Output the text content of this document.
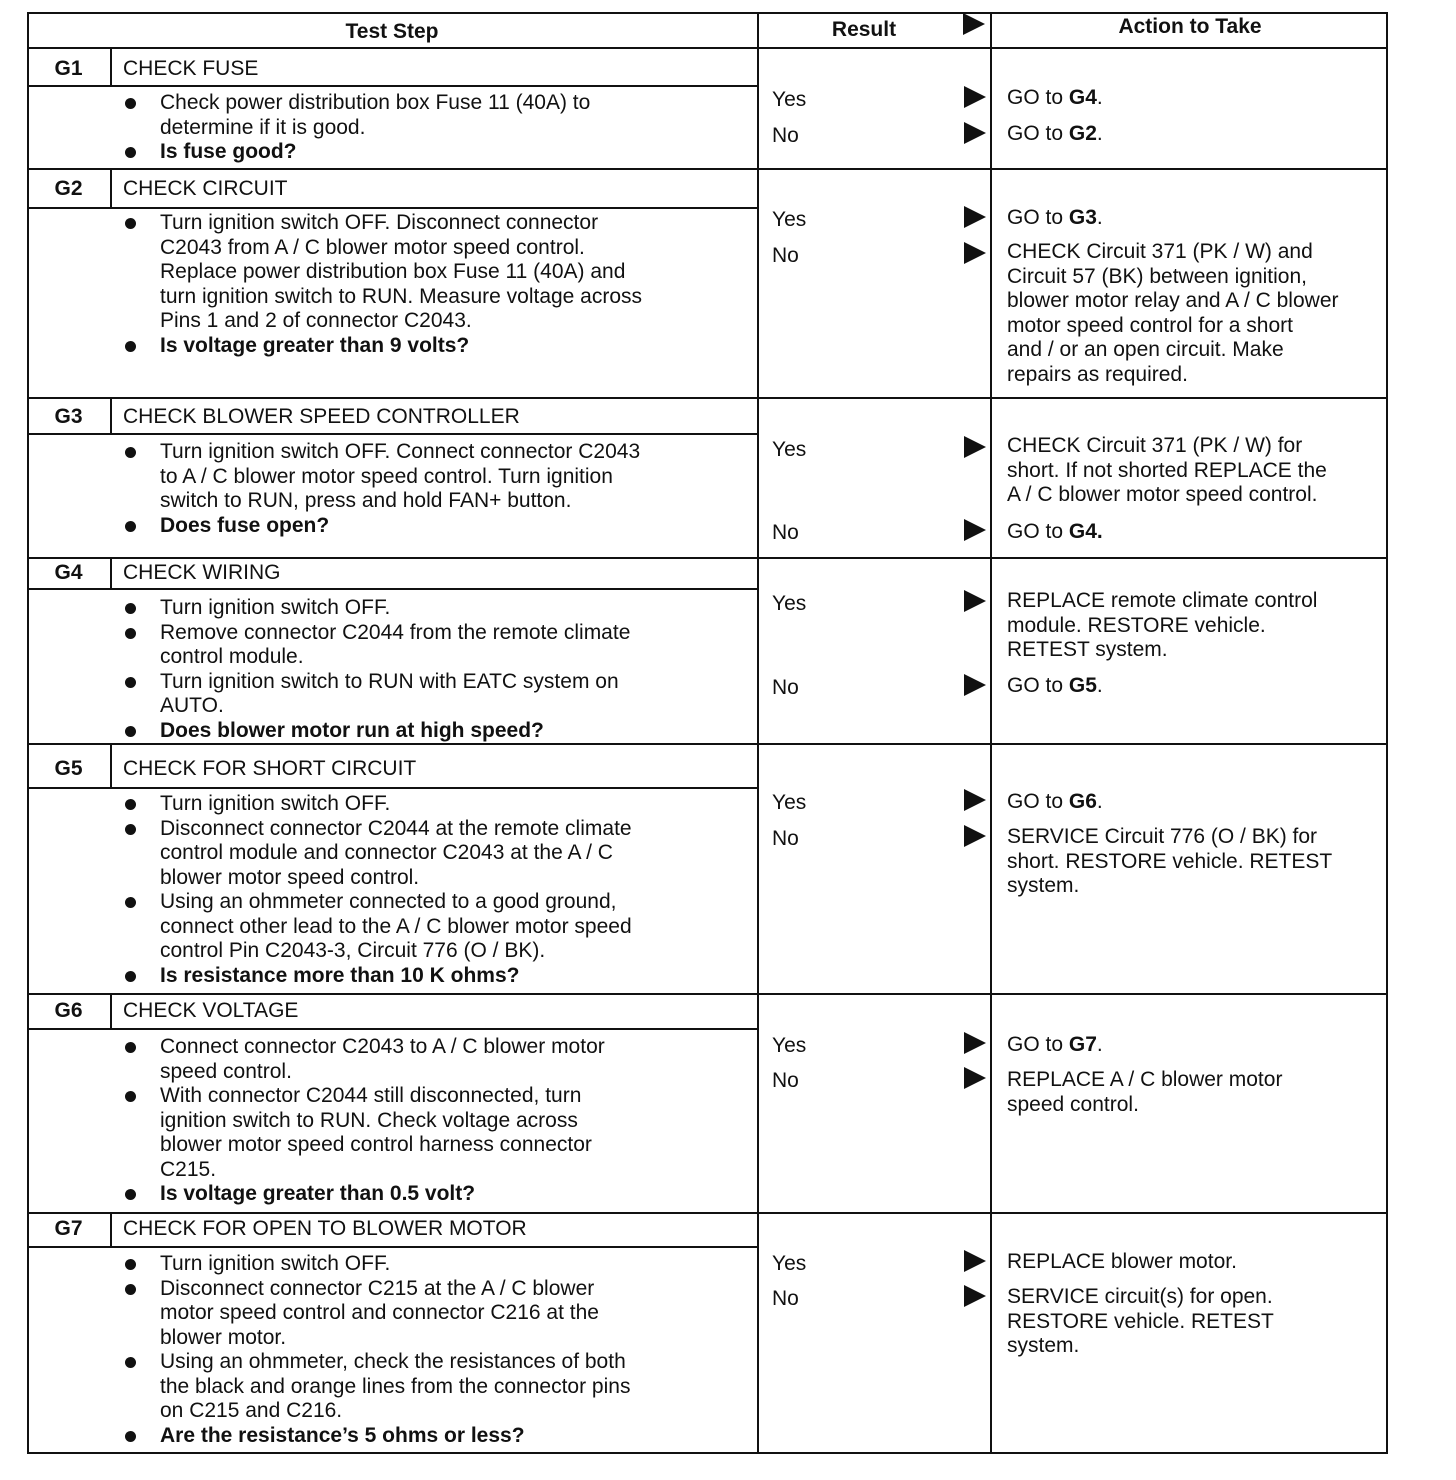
Test Step	Result	Action to Take
G1	CHECK FUSE
Check power distribution box Fuse 11 (40A) to
determine if it is good.
Is fuse good?
Yes	GO to G4.
No	GO to G2.
G2	CHECK CIRCUIT
Turn ignition switch OFF. Disconnect connector
C2043 from A / C blower motor speed control.
Replace power distribution box Fuse 11 (40A) and
turn ignition switch to RUN. Measure voltage across
Pins 1 and 2 of connector C2043.
Is voltage greater than 9 volts?
Yes	GO to G3.
No	CHECK Circuit 371 (PK / W) and
Circuit 57 (BK) between ignition,
blower motor relay and A / C blower
motor speed control for a short
and / or an open circuit. Make
repairs as required.
G3	CHECK BLOWER SPEED CONTROLLER
Turn ignition switch OFF. Connect connector C2043
to A / C blower motor speed control. Turn ignition
switch to RUN, press and hold FAN+ button.
Does fuse open?
Yes	CHECK Circuit 371 (PK / W) for
short. If not shorted REPLACE the
A / C blower motor speed control.
No	GO to G4.
G4	CHECK WIRING
Turn ignition switch OFF.
Remove connector C2044 from the remote climate
control module.
Turn ignition switch to RUN with EATC system on
AUTO.
Does blower motor run at high speed?
Yes	REPLACE remote climate control
module. RESTORE vehicle.
RETEST system.
No	GO to G5.
G5	CHECK FOR SHORT CIRCUIT
Turn ignition switch OFF.
Disconnect connector C2044 at the remote climate
control module and connector C2043 at the A / C
blower motor speed control.
Using an ohmmeter connected to a good ground,
connect other lead to the A / C blower motor speed
control Pin C2043-3, Circuit 776 (O / BK).
Is resistance more than 10 K ohms?
Yes	GO to G6.
No	SERVICE Circuit 776 (O / BK) for
short. RESTORE vehicle. RETEST
system.
G6	CHECK VOLTAGE
Connect connector C2043 to A / C blower motor
speed control.
With connector C2044 still disconnected, turn
ignition switch to RUN. Check voltage across
blower motor speed control harness connector
C215.
Is voltage greater than 0.5 volt?
Yes	GO to G7.
No	REPLACE A / C blower motor
speed control.
G7	CHECK FOR OPEN TO BLOWER MOTOR
Turn ignition switch OFF.
Disconnect connector C215 at the A / C blower
motor speed control and connector C216 at the
blower motor.
Using an ohmmeter, check the resistances of both
the black and orange lines from the connector pins
on C215 and C216.
Are the resistance’s 5 ohms or less?
Yes	REPLACE blower motor.
No	SERVICE circuit(s) for open.
RESTORE vehicle. RETEST
system.
